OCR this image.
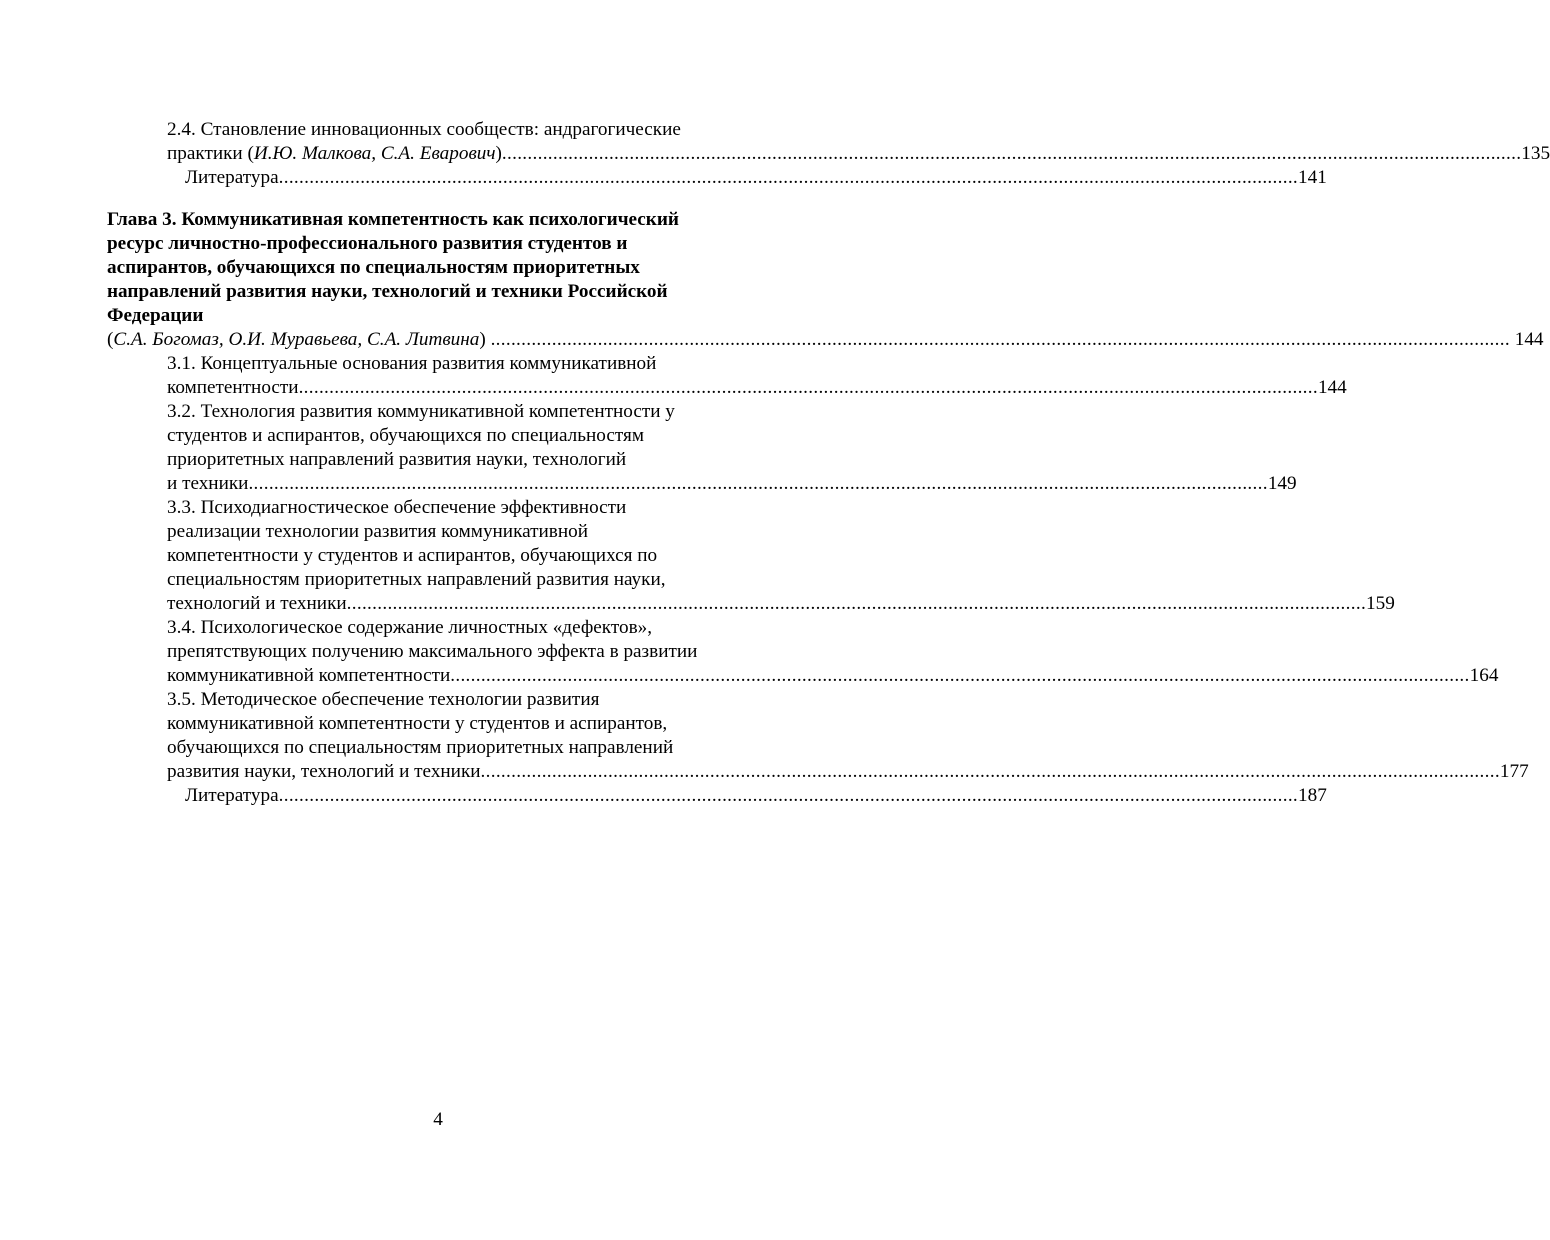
2.4. Становление инновационных сообществ: андрагогические
практики (И.Ю. Малкова, С.А. Еварович) ........................................................................................................................................................................................................ 135
Литература ........................................................................................................................................................................................................ 141
Глава 3. Коммуникативная компетентность как психологический
ресурс личностно-профессионального развития студентов и
аспирантов, обучающихся по специальностям приоритетных
направлений развития науки, технологий и техники Российской
Федерации
(С.А. Богомаз, О.И. Муравьева, С.А. Литвина) ........................................................................................................................................................................................................ 144
3.1. Концептуальные основания развития коммуникативной
компетентности ........................................................................................................................................................................................................ 144
3.2. Технология развития коммуникативной компетентности у
студентов и аспирантов, обучающихся по специальностям
приоритетных направлений развития науки, технологий
и техники ........................................................................................................................................................................................................ 149
3.3. Психодиагностическое обеспечение эффективности
реализации технологии развития коммуникативной
компетентности у студентов и аспирантов, обучающихся по
специальностям приоритетных направлений развития науки,
технологий и техники ........................................................................................................................................................................................................ 159
3.4. Психологическое содержание личностных «дефектов»,
препятствующих получению максимального эффекта в развитии
коммуникативной компетентности ........................................................................................................................................................................................................ 164
3.5. Методическое обеспечение технологии развития
коммуникативной компетентности у студентов и аспирантов,
обучающихся по специальностям приоритетных направлений
развития науки, технологий и техники ........................................................................................................................................................................................................ 177
Литература ........................................................................................................................................................................................................ 187
4
